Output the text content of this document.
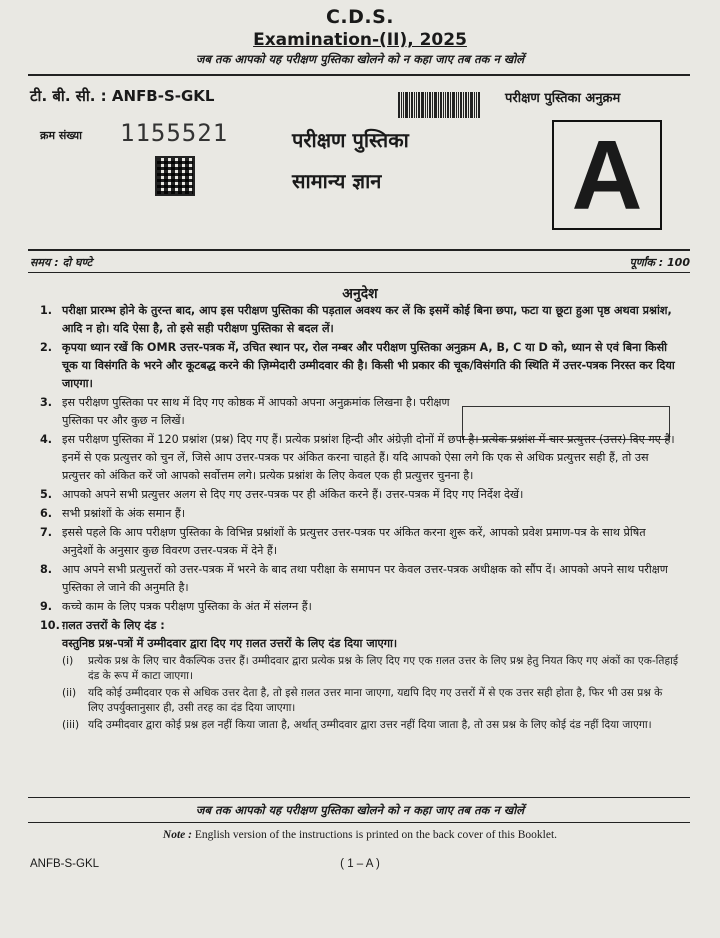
C.D.S.
Examination-(II), 2025
जब तक आपको यह परीक्षण पुस्तिका खोलने को न कहा जाए तब तक न खोलें
टी. बी. सी. : ANFB-S-GKL	परीक्षण पुस्तिका अनुक्रम
क्रम संख्या 1155521	परीक्षण पुस्तिका
सामान्य ज्ञान A
समय : दो घण्टे	पूर्णांक : 100
अनुदेश
1. परीक्षा प्रारम्भ होने के तुरन्त बाद, आप इस परीक्षण पुस्तिका की पड़ताल अवश्य कर लें कि इसमें कोई बिना छपा, फटा या छूटा हुआ पृष्ठ अथवा प्रश्नांश, आदि न हो। यदि ऐसा है, तो इसे सही परीक्षण पुस्तिका से बदल लें।
2. कृपया ध्यान रखें कि OMR उत्तर-पत्रक में, उचित स्थान पर, रोल नम्बर और परीक्षण पुस्तिका अनुक्रम A, B, C या D को, ध्यान से एवं बिना किसी चूक या विसंगति के भरने और कूटबद्ध करने की ज़िम्मेदारी उम्मीदवार की है। किसी भी प्रकार की चूक/विसंगति की स्थिति में उत्तर-पत्रक निरस्त कर दिया जाएगा।
3. इस परीक्षण पुस्तिका पर साथ में दिए गए कोष्ठक में आपको अपना अनुक्रमांक लिखना है। परीक्षण पुस्तिका पर और कुछ न लिखें।
4. इस परीक्षण पुस्तिका में 120 प्रश्नांश (प्रश्न) दिए गए हैं। प्रत्येक प्रश्नांश हिन्दी और अंग्रेज़ी दोनों में छपा है। प्रत्येक प्रश्नांश में चार प्रत्युत्तर (उत्तर) दिए गए हैं। इनमें से एक प्रत्युत्तर को चुन लें, जिसे आप उत्तर-पत्रक पर अंकित करना चाहते हैं। यदि आपको ऐसा लगे कि एक से अधिक प्रत्युत्तर सही हैं, तो उस प्रत्युत्तर को अंकित करें जो आपको सर्वोत्तम लगे। प्रत्येक प्रश्नांश के लिए केवल एक ही प्रत्युत्तर चुनना है।
5. आपको अपने सभी प्रत्युत्तर अलग से दिए गए उत्तर-पत्रक पर ही अंकित करने हैं। उत्तर-पत्रक में दिए गए निर्देश देखें।
6. सभी प्रश्नांशों के अंक समान हैं।
7. इससे पहले कि आप परीक्षण पुस्तिका के विभिन्न प्रश्नांशों के प्रत्युत्तर उत्तर-पत्रक पर अंकित करना शुरू करें, आपको प्रवेश प्रमाण-पत्र के साथ प्रेषित अनुदेशों के अनुसार कुछ विवरण उत्तर-पत्रक में देने हैं।
8. आप अपने सभी प्रत्युत्तरों को उत्तर-पत्रक में भरने के बाद तथा परीक्षा के समापन पर केवल उत्तर-पत्रक अधीक्षक को सौंप दें। आपको अपने साथ परीक्षण पुस्तिका ले जाने की अनुमति है।
9. कच्चे काम के लिए पत्रक परीक्षण पुस्तिका के अंत में संलग्न हैं।
10. ग़लत उत्तरों के लिए दंड :
वस्तुनिष्ठ प्रश्न-पत्रों में उम्मीदवार द्वारा दिए गए ग़लत उत्तरों के लिए दंड दिया जाएगा।
(i)	प्रत्येक प्रश्न के लिए चार वैकल्पिक उत्तर हैं। उम्मीदवार द्वारा प्रत्येक प्रश्न के लिए दिए गए एक ग़लत उत्तर के लिए प्रश्न हेतु नियत किए गए अंकों का एक-तिहाई दंड के रूप में काटा जाएगा।
(ii)	यदि कोई उम्मीदवार एक से अधिक उत्तर देता है, तो इसे ग़लत उत्तर माना जाएगा, यद्यपि दिए गए उत्तरों में से एक उत्तर सही होता है, फिर भी उस प्रश्न के लिए उपर्युक्तानुसार ही, उसी तरह का दंड दिया जाएगा।
(iii) यदि उम्मीदवार द्वारा कोई प्रश्न हल नहीं किया जाता है, अर्थात् उम्मीदवार द्वारा उत्तर नहीं दिया जाता है, तो उस प्रश्न के लिए कोई दंड नहीं दिया जाएगा।
जब तक आपको यह परीक्षण पुस्तिका खोलने को न कहा जाए तब तक न खोलें
Note : English version of the instructions is printed on the back cover of this Booklet.
ANFB-S-GKL	( 1 – A )
